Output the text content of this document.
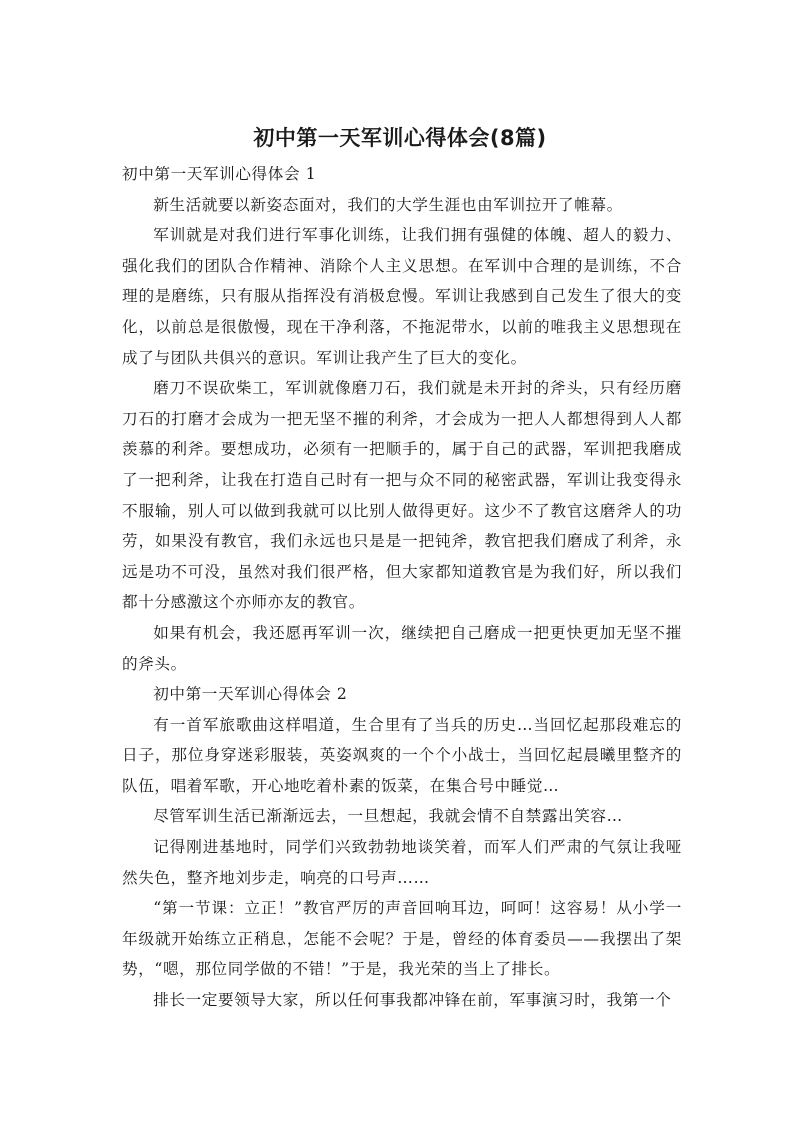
初中第一天军训心得体会(8篇)

初中第一天军训心得体会 1

新生活就要以新姿态面对，我们的大学生涯也由军训拉开了帷幕。

军训就是对我们进行军事化训练，让我们拥有强健的体魄、超人的毅力、强化我们的团队合作精神、消除个人主义思想。在军训中合理的是训练，不合理的是磨练，只有服从指挥没有消极怠慢。军训让我感到自己发生了很大的变化，以前总是很傲慢，现在干净利落，不拖泥带水，以前的唯我主义思想现在成了与团队共俱兴的意识。军训让我产生了巨大的变化。

磨刀不误砍柴工，军训就像磨刀石，我们就是未开封的斧头，只有经历磨刀石的打磨才会成为一把无坚不摧的利斧，才会成为一把人人都想得到人人都羡慕的利斧。要想成功，必须有一把顺手的，属于自己的武器，军训把我磨成了一把利斧，让我在打造自己时有一把与众不同的秘密武器，军训让我变得永不服输，别人可以做到我就可以比别人做得更好。这少不了教官这磨斧人的功劳，如果没有教官，我们永远也只是是一把钝斧，教官把我们磨成了利斧，永远是功不可没，虽然对我们很严格，但大家都知道教官是为我们好，所以我们都十分感激这个亦师亦友的教官。

如果有机会，我还愿再军训一次，继续把自己磨成一把更快更加无坚不摧的斧头。

初中第一天军训心得体会 2

有一首军旅歌曲这样唱道，生合里有了当兵的历史…当回忆起那段难忘的日子，那位身穿迷彩服装，英姿飒爽的一个个小战士，当回忆起晨曦里整齐的队伍，唱着军歌，开心地吃着朴素的饭菜，在集合号中睡觉…

尽管军训生活已渐渐远去，一旦想起，我就会情不自禁露出笑容…

记得刚进基地时，同学们兴致勃勃地谈笑着，而军人们严肃的气氛让我哑然失色，整齐地刘步走，响亮的口号声……

“第一节课：立正！”教官严厉的声音回响耳边，呵呵！这容易！从小学一年级就开始练立正稍息，怎能不会呢？于是，曾经的体育委员——我摆出了架势，“嗯，那位同学做的不错！”于是，我光荣的当上了排长。

排长一定要领导大家，所以任何事我都冲锋在前，军事演习时，我第一个
